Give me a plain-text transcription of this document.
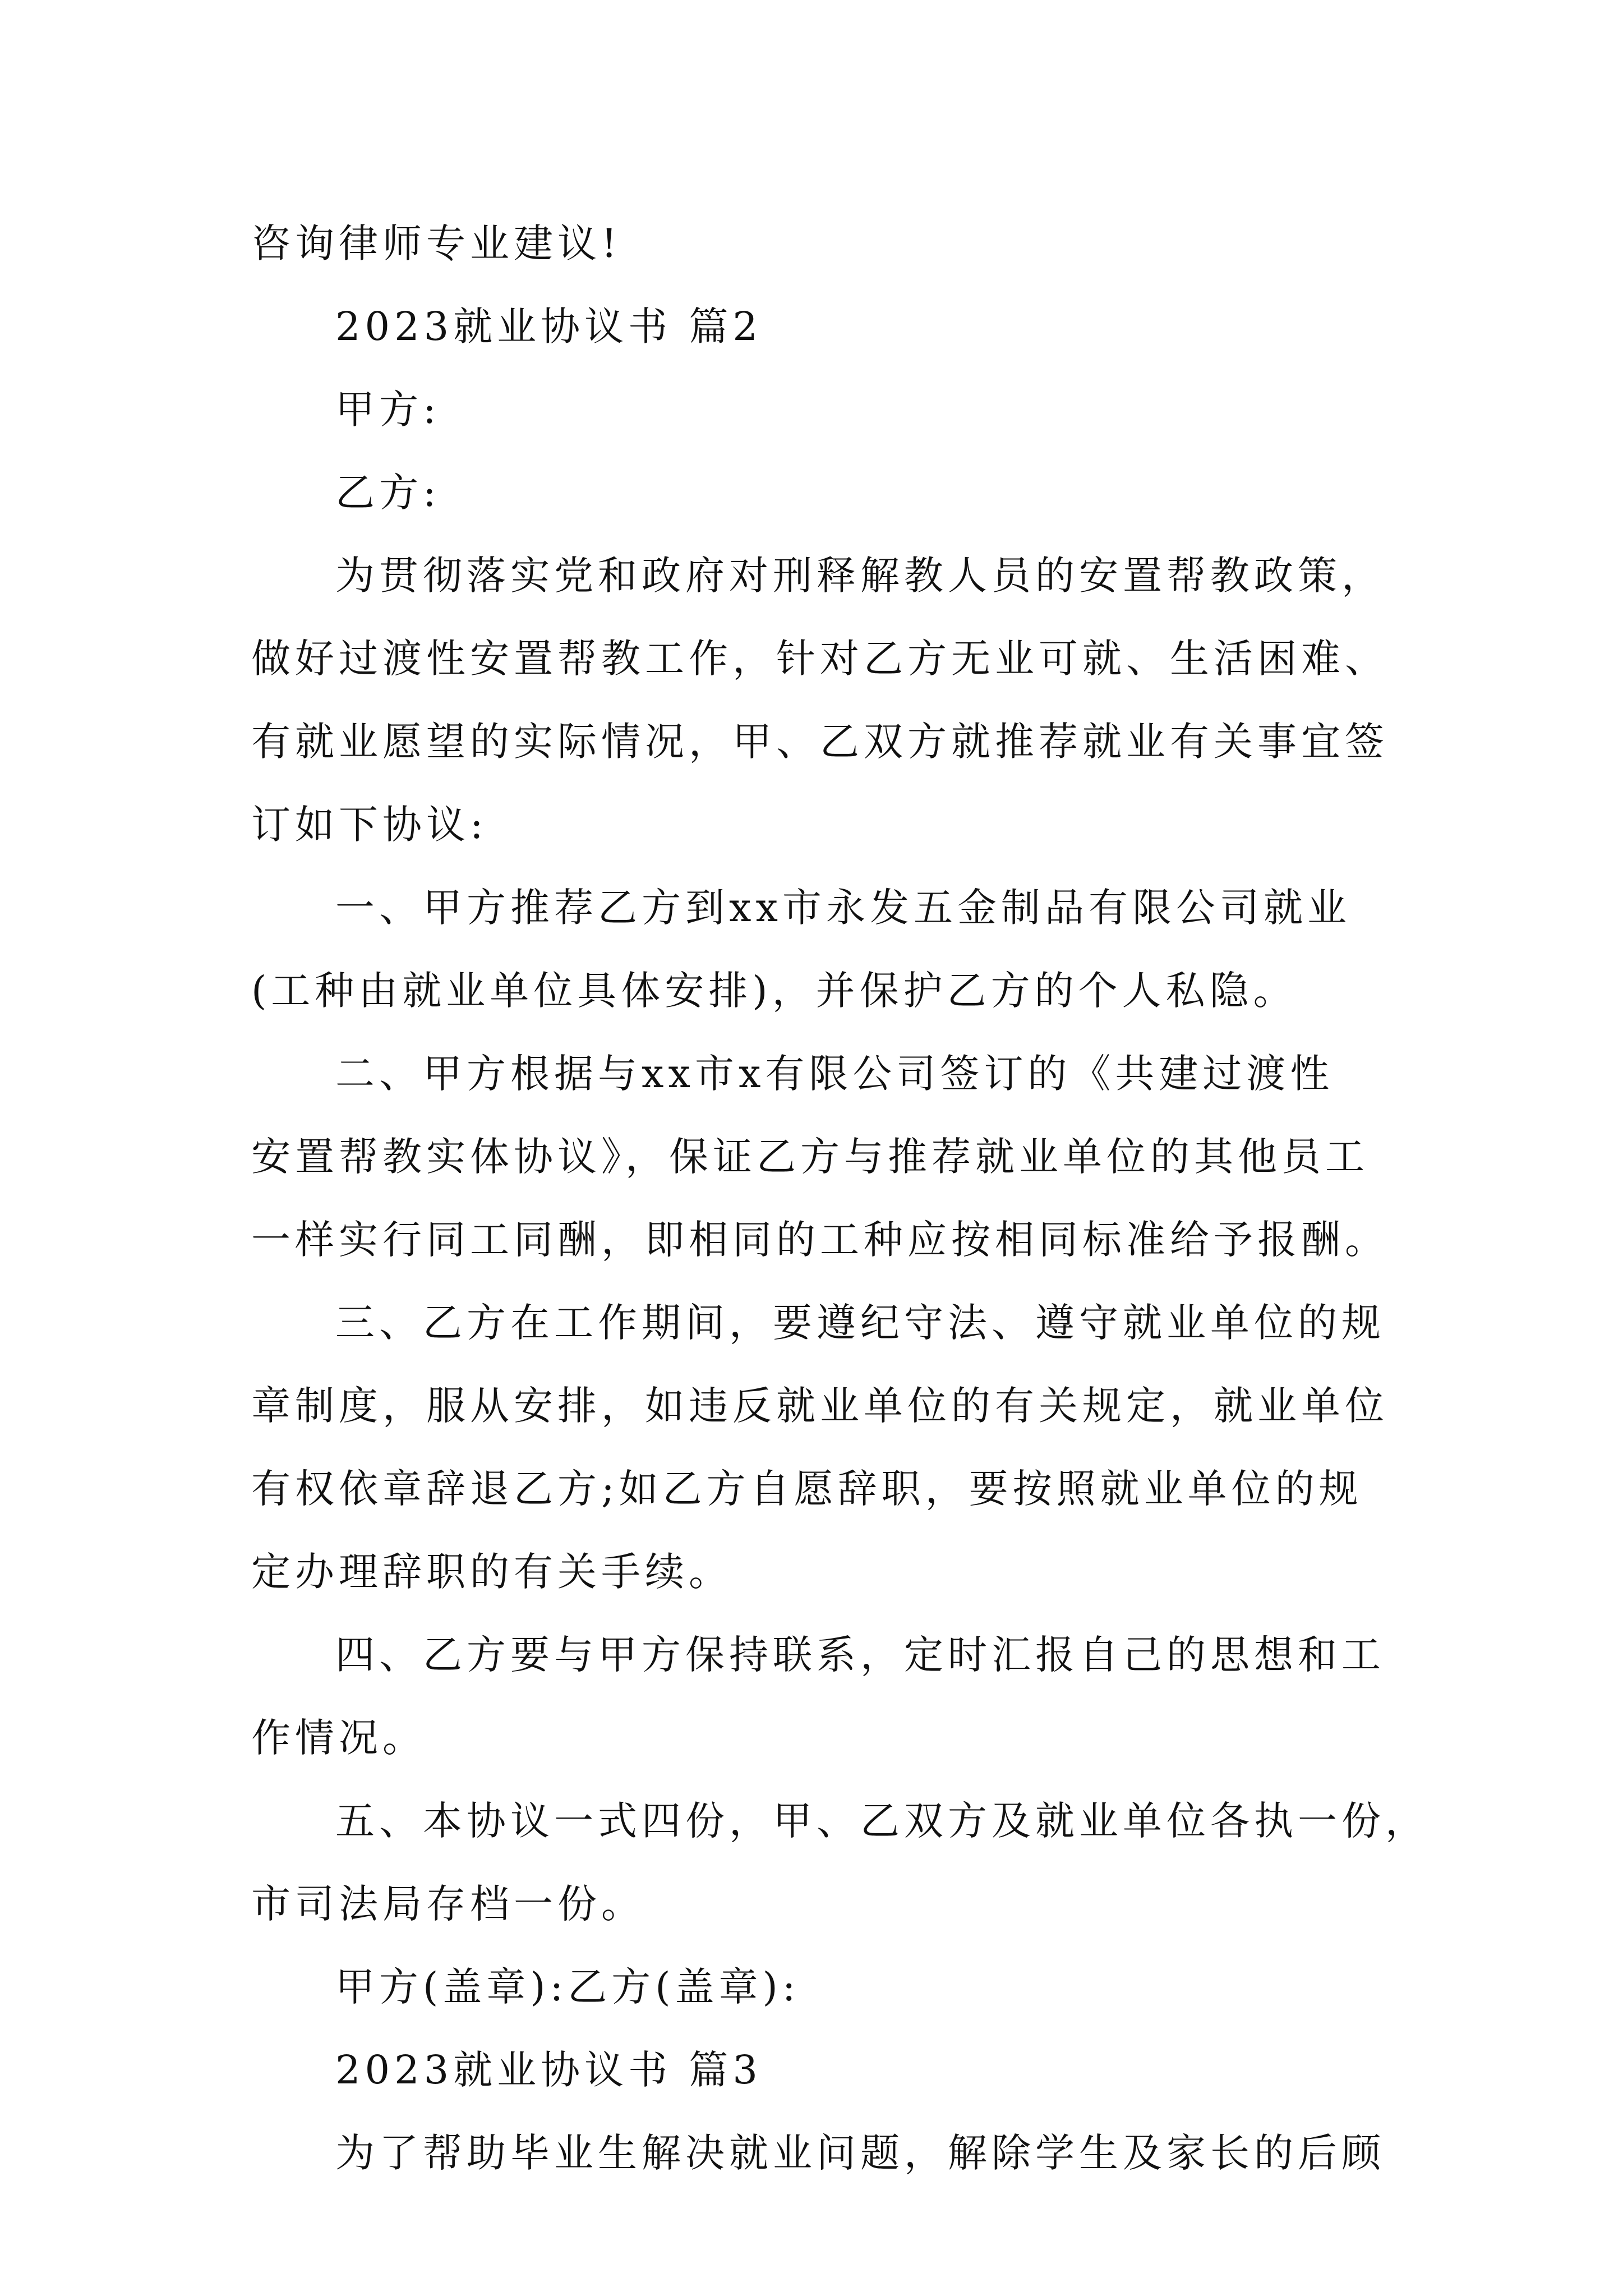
咨询律师专业建议!
2023就业协议书 篇2
甲方:
乙方:
为贯彻落实党和政府对刑释解教人员的安置帮教政策，
做好过渡性安置帮教工作，针对乙方无业可就、生活困难、
有就业愿望的实际情况，甲、乙双方就推荐就业有关事宜签
订如下协议:
一、甲方推荐乙方到xx市永发五金制品有限公司就业
(工种由就业单位具体安排)，并保护乙方的个人私隐。
二、甲方根据与xx市x有限公司签订的《共建过渡性
安置帮教实体协议》，保证乙方与推荐就业单位的其他员工
一样实行同工同酬，即相同的工种应按相同标准给予报酬。
三、乙方在工作期间，要遵纪守法、遵守就业单位的规
章制度，服从安排，如违反就业单位的有关规定，就业单位
有权依章辞退乙方;如乙方自愿辞职，要按照就业单位的规
定办理辞职的有关手续。
四、乙方要与甲方保持联系，定时汇报自己的思想和工
作情况。
五、本协议一式四份，甲、乙双方及就业单位各执一份，
市司法局存档一份。
甲方(盖章):乙方(盖章):
2023就业协议书 篇3
为了帮助毕业生解决就业问题，解除学生及家长的后顾
